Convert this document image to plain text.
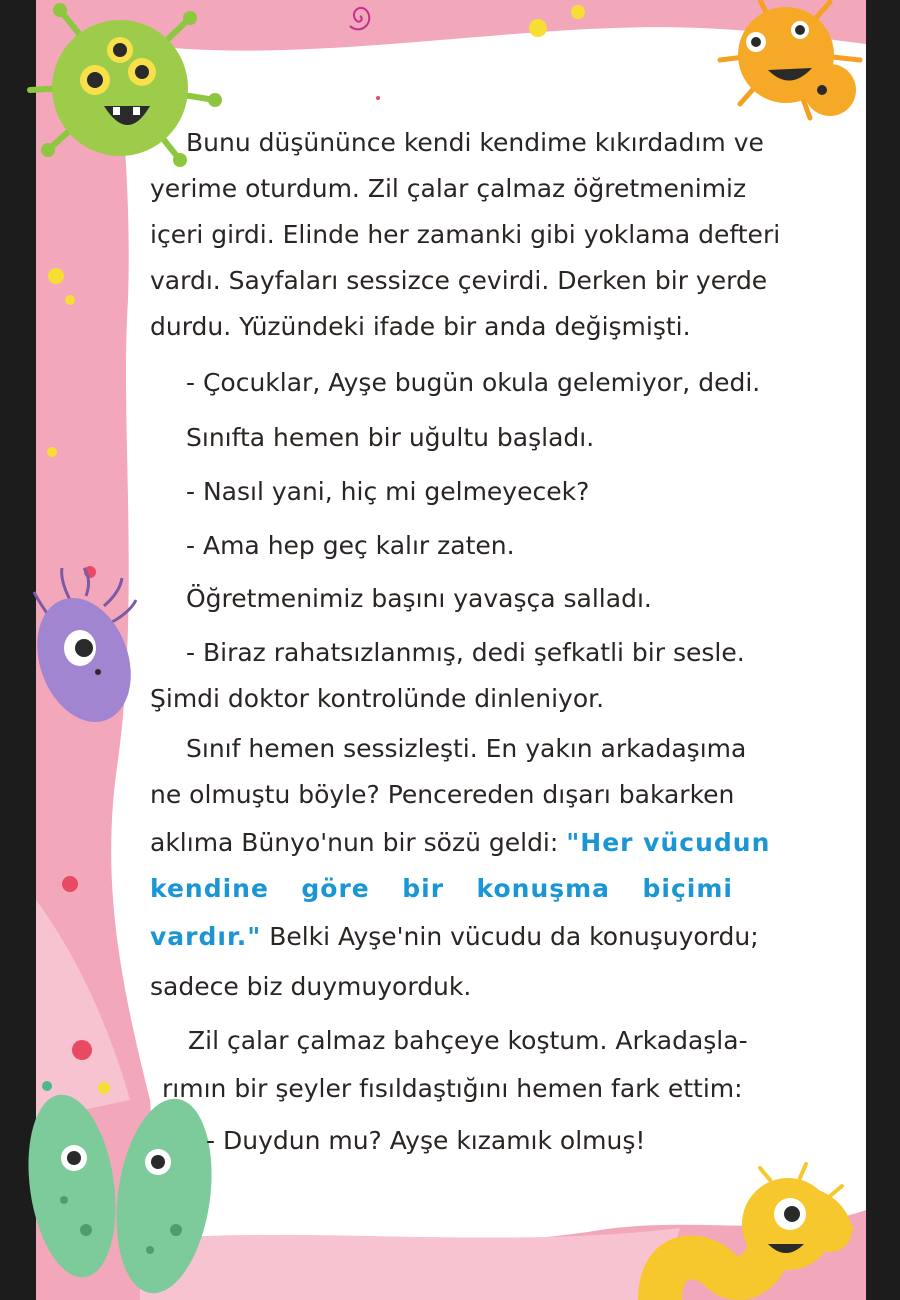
Bunu düşününce kendi kendime kıkırdadım ve
yerime oturdum. Zil çalar çalmaz öğretmenimiz
içeri girdi. Elinde her zamanki gibi yoklama defteri
vardı. Sayfaları sessizce çevirdi. Derken bir yerde
durdu. Yüzündeki ifade bir anda değişmişti.
- Çocuklar, Ayşe bugün okula gelemiyor, dedi.
Sınıfta hemen bir uğultu başladı.
- Nasıl yani, hiç mi gelmeyecek?
- Ama hep geç kalır zaten.
Öğretmenimiz başını yavaşça salladı.
- Biraz rahatsızlanmış, dedi şefkatli bir sesle.
Şimdi doktor kontrolünde dinleniyor.
Sınıf hemen sessizleşti. En yakın arkadaşıma
ne olmuştu böyle? Pencereden dışarı bakarken
aklıma Bünyo'nun bir sözü geldi: "Her vücudun
kendine göre bir konuşma biçimi
vardır." Belki Ayşe'nin vücudu da konuşuyordu;
sadece biz duymuyorduk.
Zil çalar çalmaz bahçeye koştum. Arkadaşla-
rımın bir şeyler fısıldaştığını hemen fark ettim:
- Duydun mu? Ayşe kızamık olmuş!
